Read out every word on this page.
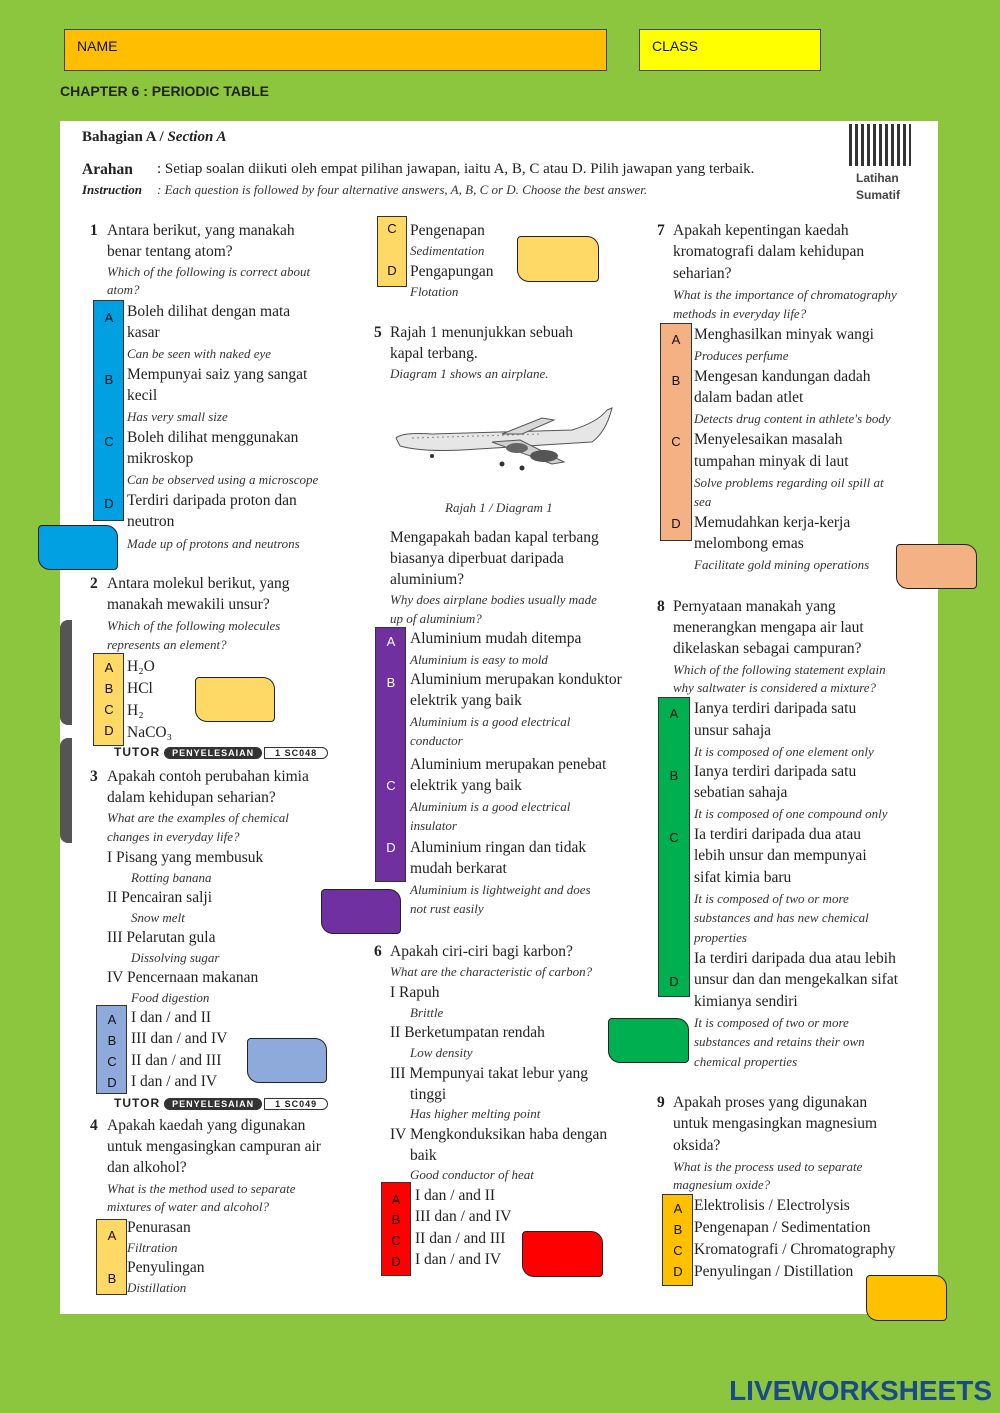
NAME	CLASS
CHAPTER 6 : PERIODIC TABLE
Bahagian A / Section A
Arahan : Setiap soalan diikuti oleh empat pilihan jawapan, iaitu A, B, C atau D. Pilih jawapan yang terbaik.
Instruction : Each question is followed by four alternative answers, A, B, C or D. Choose the best answer.
Latihan
Sumatif
1 Antara berikut, yang manakah
benar tentang atom?
Which of the following is correct about
atom?
A
B
C
D
Boleh dilihat dengan mata
kasar
Can be seen with naked eye
Mempunyai saiz yang sangat
kecil
Has very small size
Boleh dilihat menggunakan
mikroskop
Can be observed using a microscope
Terdiri daripada proton dan
neutron
Made up of protons and neutrons
2 Antara molekul berikut, yang
manakah mewakili unsur?
Which of the following molecules
represents an element?
A
B
C
D
H₂O
HCl
H₂
NaCO₃
TUTOR PENYELESAIAN 1 SC048
3 Apakah contoh perubahan kimia
dalam kehidupan seharian?
What are the examples of chemical
changes in everyday life?
I Pisang yang membusuk
Rotting banana
II Pencairan salji
Snow melt
III Pelarutan gula
Dissolving sugar
IV Pencernaan makanan
Food digestion
A
B
C
D
I dan / and II
III dan / and IV
II dan / and III
I dan / and IV
TUTOR PENYELESAIAN 1 SC049
4 Apakah kaedah yang digunakan
untuk mengasingkan campuran air
dan alkohol?
What is the method used to separate
mixtures of water and alcohol?
A
B
Penurasan
Filtration
Penyulingan
Distillation
C
D
Pengenapan
Sedimentation
Pengapungan
Flotation
5 Rajah 1 menunjukkan sebuah
kapal terbang.
Diagram 1 shows an airplane.
Rajah 1 / Diagram 1
Mengapakah badan kapal terbang
biasanya diperbuat daripada
aluminium?
Why does airplane bodies usually made
up of aluminium?
A
B
C
D
Aluminium mudah ditempa
Aluminium is easy to mold
Aluminium merupakan konduktor
elektrik yang baik
Aluminium is a good electrical
conductor
Aluminium merupakan penebat
elektrik yang baik
Aluminium is a good electrical
insulator
Aluminium ringan dan tidak
mudah berkarat
Aluminium is lightweight and does
not rust easily
6 Apakah ciri-ciri bagi karbon?
What are the characteristic of carbon?
I Rapuh
Brittle
II Berketumpatan rendah
Low density
III Mempunyai takat lebur yang
tinggi
Has higher melting point
IV Mengkonduksikan haba dengan
baik
Good conductor of heat
A
B
C
D
I dan / and II
III dan / and IV
II dan / and III
I dan / and IV
7 Apakah kepentingan kaedah
kromatografi dalam kehidupan
seharian?
What is the importance of chromatography
methods in everyday life?
A
B
C
D
Menghasilkan minyak wangi
Produces perfume
Mengesan kandungan dadah
dalam badan atlet
Detects drug content in athlete's body
Menyelesaikan masalah
tumpahan minyak di laut
Solve problems regarding oil spill at
sea
Memudahkan kerja-kerja
melombong emas
Facilitate gold mining operations
8 Pernyataan manakah yang
menerangkan mengapa air laut
dikelaskan sebagai campuran?
Which of the following statement explain
why saltwater is considered a mixture?
A
B
C
D
Ianya terdiri daripada satu
unsur sahaja
It is composed of one element only
Ianya terdiri daripada satu
sebatian sahaja
It is composed of one compound only
Ia terdiri daripada dua atau
lebih unsur dan mempunyai
sifat kimia baru
It is composed of two or more
substances and has new chemical
properties
Ia terdiri daripada dua atau lebih
unsur dan dan mengekalkan sifat
kimianya sendiri
It is composed of two or more
substances and retains their own
chemical properties
9 Apakah proses yang digunakan
untuk mengasingkan magnesium
oksida?
What is the process used to separate
magnesium oxide?
A
B
C
D
Elektrolisis / Electrolysis
Pengenapan / Sedimentation
Kromatografi / Chromatography
Penyulingan / Distillation
LIVEWORKSHEETS
